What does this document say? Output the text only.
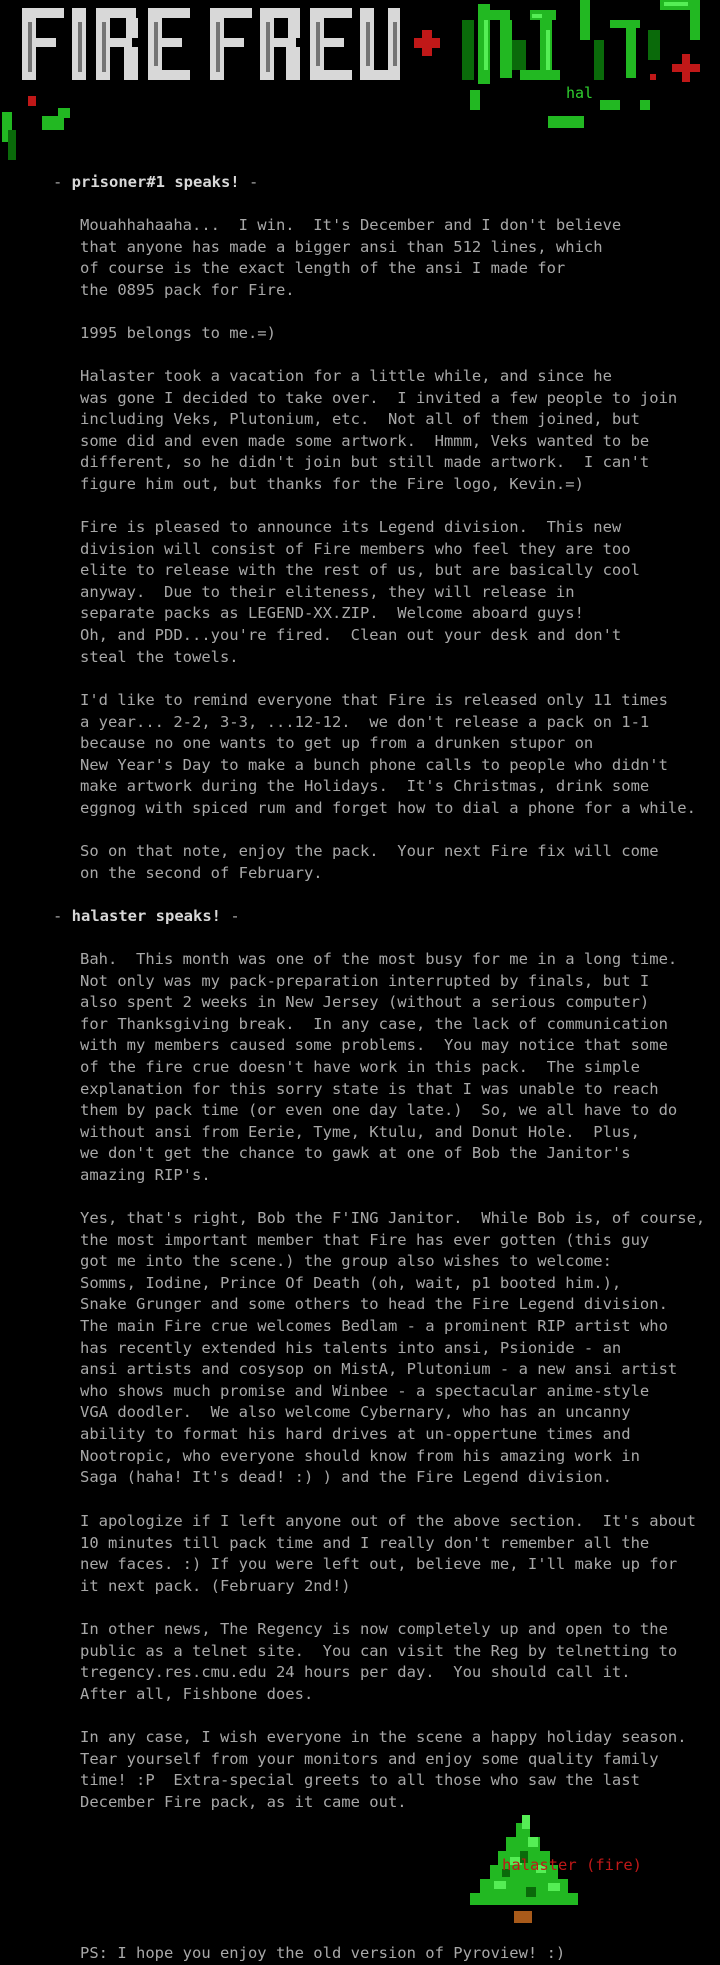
hal

- prisoner#1 speaks! -

Mouahhahaaha...  I win.  It's December and I don't believe
that anyone has made a bigger ansi than 512 lines, which
of course is the exact length of the ansi I made for
the 0895 pack for Fire.
1995 belongs to me.=)
Halaster took a vacation for a little while, and since he
was gone I decided to take over.  I invited a few people to join
including Veks, Plutonium, etc.  Not all of them joined, but
some did and even made some artwork.  Hmmm, Veks wanted to be
different, so he didn't join but still made artwork.  I can't
figure him out, but thanks for the Fire logo, Kevin.=)
Fire is pleased to announce its Legend division.  This new
division will consist of Fire members who feel they are too
elite to release with the rest of us, but are basically cool
anyway.  Due to their eliteness, they will release in
separate packs as LEGEND-XX.ZIP.  Welcome aboard guys!
Oh, and PDD...you're fired.  Clean out your desk and don't
steal the towels.
I'd like to remind everyone that Fire is released only 11 times
a year... 2-2, 3-3, ...12-12.  we don't release a pack on 1-1
because no one wants to get up from a drunken stupor on
New Year's Day to make a bunch phone calls to people who didn't
make artwork during the Holidays.  It's Christmas, drink some
eggnog with spiced rum and forget how to dial a phone for a while.
So on that note, enjoy the pack.  Your next Fire fix will come
on the second of February.

- halaster speaks! -

Bah.  This month was one of the most busy for me in a long time.
Not only was my pack-preparation interrupted by finals, but I
also spent 2 weeks in New Jersey (without a serious computer)
for Thanksgiving break.  In any case, the lack of communication
with my members caused some problems.  You may notice that some
of the fire crue doesn't have work in this pack.  The simple
explanation for this sorry state is that I was unable to reach
them by pack time (or even one day late.)  So, we all have to do
without ansi from Eerie, Tyme, Ktulu, and Donut Hole.  Plus,
we don't get the chance to gawk at one of Bob the Janitor's
amazing RIP's.
Yes, that's right, Bob the F'ING Janitor.  While Bob is, of course,
the most important member that Fire has ever gotten (this guy
got me into the scene.) the group also wishes to welcome:
Somms, Iodine, Prince Of Death (oh, wait, p1 booted him.),
Snake Grunger and some others to head the Fire Legend division.
The main Fire crue welcomes Bedlam - a prominent RIP artist who
has recently extended his talents into ansi, Psionide - an
ansi artists and cosysop on MistA, Plutonium - a new ansi artist
who shows much promise and Winbee - a spectacular anime-style
VGA doodler.  We also welcome Cybernary, who has an uncanny
ability to format his hard drives at un-oppertune times and
Nootropic, who everyone should know from his amazing work in
Saga (haha! It's dead! :) ) and the Fire Legend division.
I apologize if I left anyone out of the above section.  It's about
10 minutes till pack time and I really don't remember all the
new faces. :) If you were left out, believe me, I'll make up for
it next pack. (February 2nd!)
In other news, The Regency is now completely up and open to the
public as a telnet site.  You can visit the Reg by telnetting to
tregency.res.cmu.edu 24 hours per day.  You should call it.
After all, Fishbone does.
In any case, I wish everyone in the scene a happy holiday season.
Tear yourself from your monitors and enjoy some quality family
time! :P  Extra-special greets to all those who saw the last
December Fire pack, as it came out.

halaster (fire)

PS: I hope you enjoy the old version of Pyroview! :)
